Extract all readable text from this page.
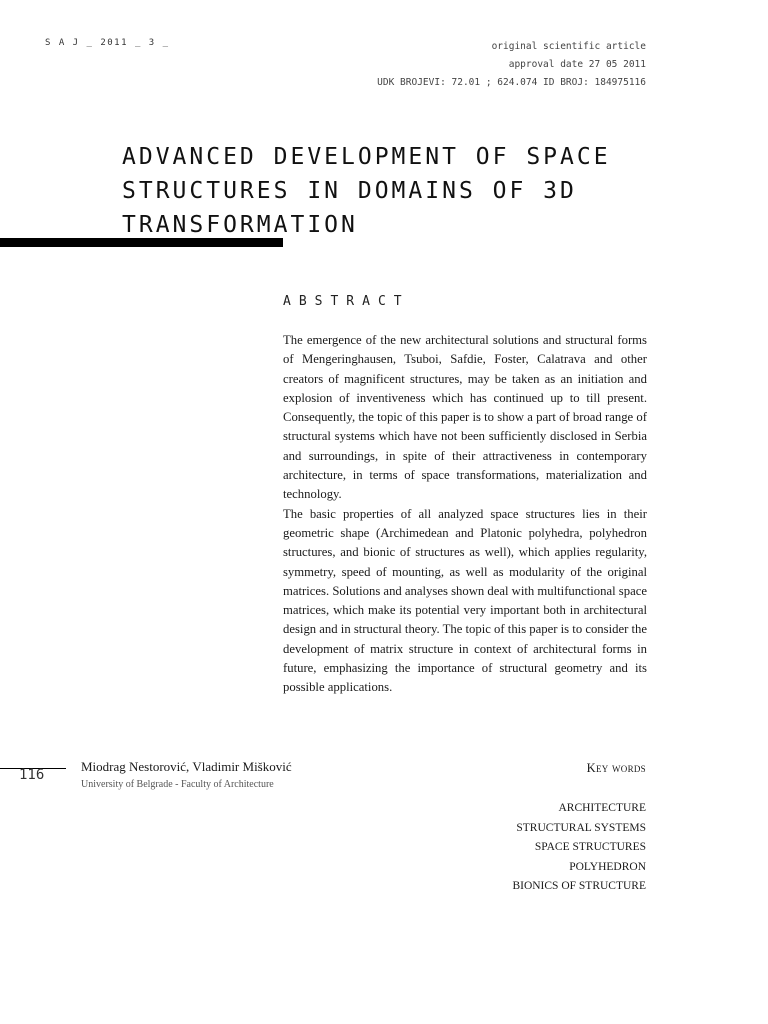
S A J _ 2011 _ 3 _	original scientific article
approval date 27 05 2011
UDK BROJEVI: 72.01 ; 624.074 ID BROJ: 184975116
ADVANCED DEVELOPMENT OF SPACE
STRUCTURES IN DOMAINS OF 3D
TRANSFORMATION
ABSTRACT

The emergence of the new architectural solutions and structural forms of Mengeringhausen, Tsuboi, Safdie, Foster, Calatrava and other creators of magnificent structures, may be taken as an initiation and explosion of inventiveness which has continued up to till present. Consequently, the topic of this paper is to show a part of broad range of structural systems which have not been sufficiently disclosed in Serbia and surroundings, in spite of their attractiveness in contemporary architecture, in terms of space transformations, materialization and technology.

The basic properties of all analyzed space structures lies in their geometric shape (Archimedean and Platonic polyhedra, polyhedron structures, and bionic of structures as well), which applies regularity, symmetry, speed of mounting, as well as modularity of the original matrices. Solutions and analyses shown deal with multifunctional space matrices, which make its potential very important both in architectural design and in structural theory. The topic of this paper is to consider the development of matrix structure in context of architectural forms in future, emphasizing the importance of structural geometry and its possible applications.

116
Miodrag Nestorović, Vladimir Mišković
University of Belgrade - Faculty of Architecture
Key words
ARCHITECTURE
STRUCTURAL SYSTEMS
SPACE STRUCTURES
POLYHEDRON
BIONICS OF STRUCTURE
